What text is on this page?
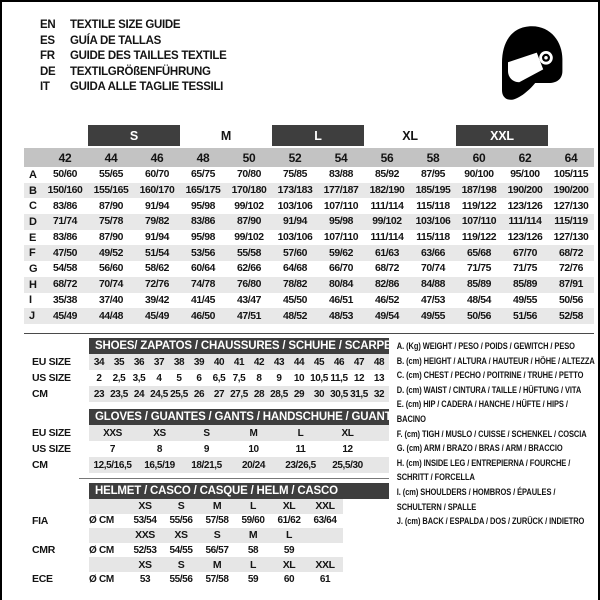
EN	TEXTILE SIZE GUIDE
ES	GUÍA DE TALLAS
FR	GUIDE DES TAILLES TEXTILE
DE	TEXTILGRÖßENFÜHRUNG
IT	GUIDA ALLE TAGLIE TESSILI
S	M	L	XL	XXL
42	44	46	48	50	52	54	56	58	60	62	64
A	50/60	55/65	60/70	65/75	70/80	75/85	83/88	85/92	87/95	90/100	95/100	105/115
B	150/160	155/165	160/170	165/175	170/180	173/183	177/187	182/190	185/195	187/198	190/200	190/200
C	83/86	87/90	91/94	95/98	99/102	103/106	107/110	111/114	115/118	119/122	123/126	127/130
D	71/74	75/78	79/82	83/86	87/90	91/94	95/98	99/102	103/106	107/110	111/114	115/119
E	83/86	87/90	91/94	95/98	99/102	103/106	107/110	111/114	115/118	119/122	123/126	127/130
F	47/50	49/52	51/54	53/56	55/58	57/60	59/62	61/63	63/66	65/68	67/70	68/72
G	54/58	56/60	58/62	60/64	62/66	64/68	66/70	68/72	70/74	71/75	71/75	72/76
H	68/72	70/74	72/76	74/78	76/80	78/82	80/84	82/86	84/88	85/89	85/89	87/91
I	35/38	37/40	39/42	41/45	43/47	45/50	46/51	46/52	47/53	48/54	49/55	50/56
J	45/49	44/48	45/49	46/50	47/51	48/52	48/53	49/54	49/55	50/56	51/56	52/58
SHOES/ ZAPATOS / CHAUSSURES / SCHUHE / SCARPE
EU SIZE	34 35 36 37 38 39 40 41 42 43 44 45 46 47 48
US SIZE	2	2,5 3,5	4	5	6	6,5 7,5	8	9	10 10,5 11,5 12 13
CM	23 23,5 24 24,5 25,5 26 27 27,5 28 28,5 29 30 30,5 31,5 32
GLOVES / GUANTES / GANTS / HANDSCHUHE / GUANTI
EU SIZE	XXS	XS	S	M	L	XL
US SIZE	7	8	9	10	11	12
CM	12,5/16,5	16,5/19	18/21,5	20/24	23/26,5	25,5/30
HELMET / CASCO / CASQUE / HELM / CASCO
XS	S	M	L	XL	XXL
FIA	Ø CM	53/54	55/56	57/58	59/60	61/62	63/64
XXS	XS	S	M	L
CMR	Ø CM	52/53	54/55	56/57	58	59
XS	S	M	L	XL	XXL
ECE	Ø CM	53	55/56	57/58	59	60	61
A. (Kg) WEIGHT / PESO / POIDS / GEWITCH / PESO
B. (cm) HEIGHT / ALTURA / HAUTEUR / HÖHE / ALTEZZA
C. (cm) CHEST / PECHO / POITRINE / TRUHE / PETTO
D. (cm) WAIST / CINTURA / TAILLE / HÜFTUNG / VITA
E. (cm) HIP / CADERA / HANCHE / HÜFTE / HIPS / BACINO
F. (cm) TIGH / MUSLO / CUISSE / SCHENKEL / COSCIA
G. (cm) ARM / BRAZO / BRAS / ARM / BRACCIO
H. (cm) INSIDE LEG / ENTREPIERNA / FOURCHE / SCHRITT / FORCELLA
I. (cm) SHOULDERS / HOMBROS / ÉPAULES / SCHULTERN / SPALLE
J. (cm) BACK / ESPALDA / DOS / ZURÜCK / INDIETRO
